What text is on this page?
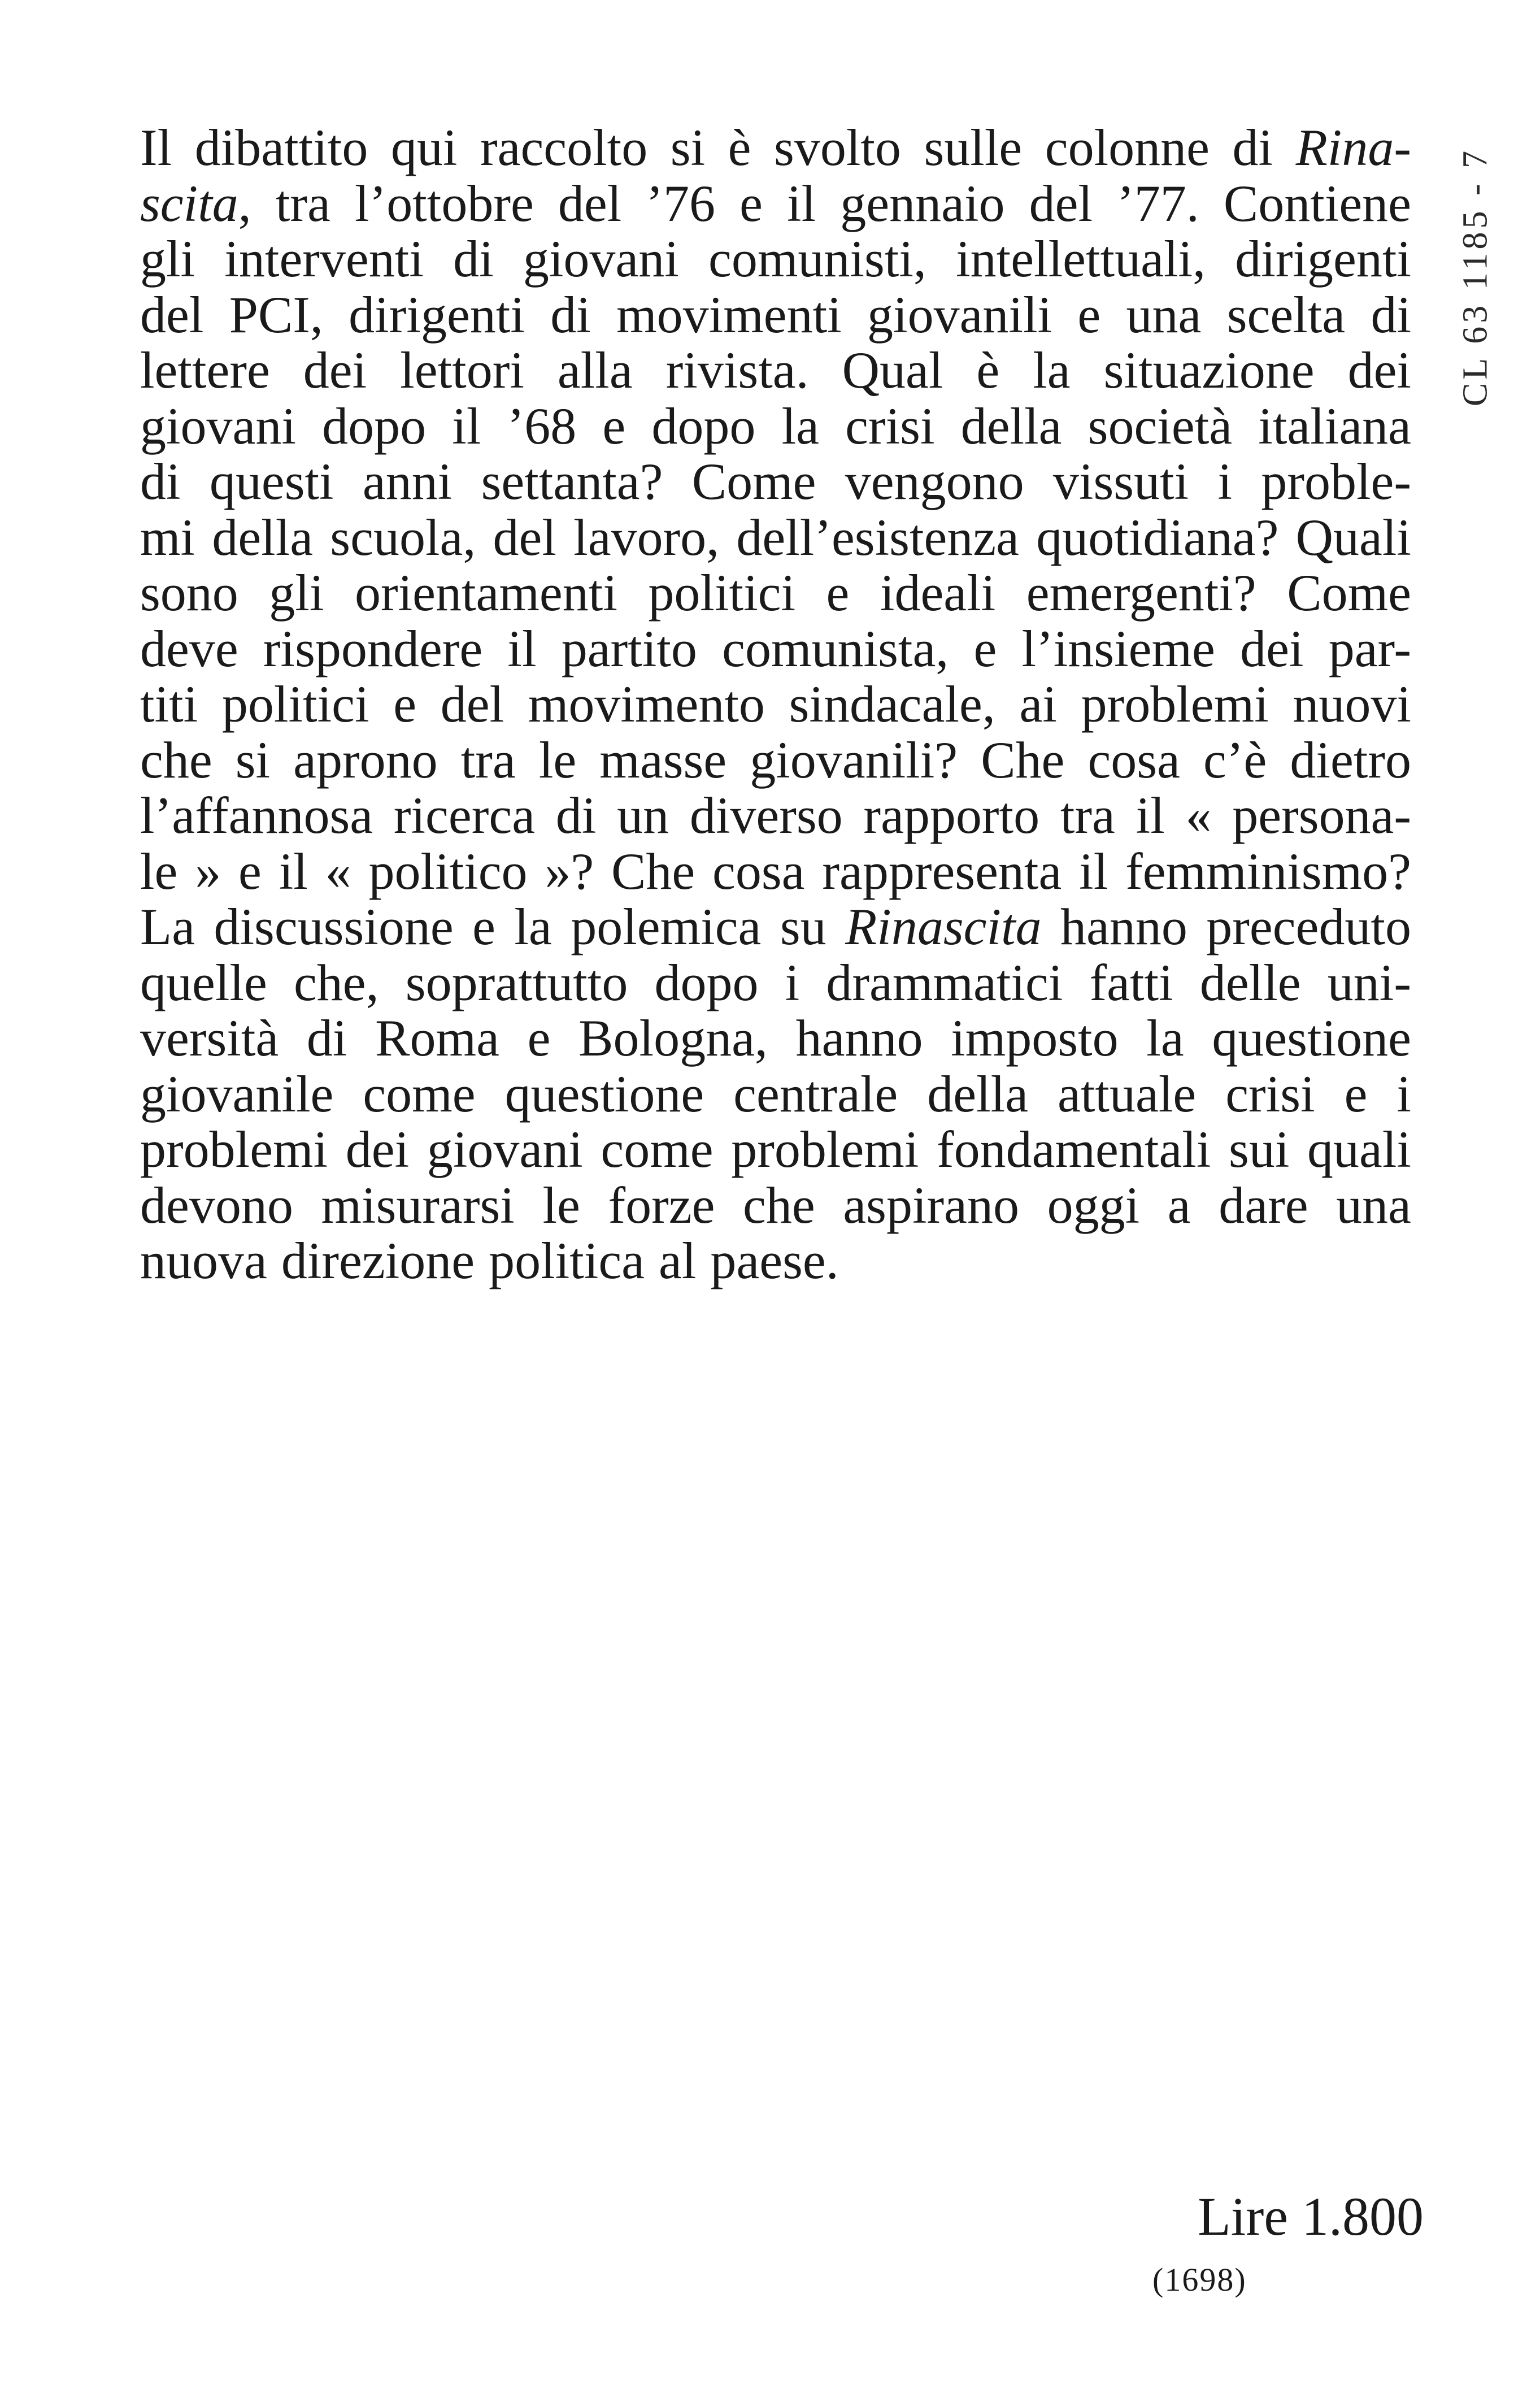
Il dibattito qui raccolto si è svolto sulle colonne di Rina-
scita, tra l’ottobre del ’76 e il gennaio del ’77. Contiene
gli interventi di giovani comunisti, intellettuali, dirigenti
del PCI, dirigenti di movimenti giovanili e una scelta di
lettere dei lettori alla rivista. Qual è la situazione dei
giovani dopo il ’68 e dopo la crisi della società italiana
di questi anni settanta? Come vengono vissuti i proble-
mi della scuola, del lavoro, dell’esistenza quotidiana? Quali
sono gli orientamenti politici e ideali emergenti? Come
deve rispondere il partito comunista, e l’insieme dei par-
titi politici e del movimento sindacale, ai problemi nuovi
che si aprono tra le masse giovanili? Che cosa c’è dietro
l’affannosa ricerca di un diverso rapporto tra il « persona-
le » e il « politico »? Che cosa rappresenta il femminismo?
La discussione e la polemica su Rinascita hanno preceduto
quelle che, soprattutto dopo i drammatici fatti delle uni-
versità di Roma e Bologna, hanno imposto la questione
giovanile come questione centrale della attuale crisi e i
problemi dei giovani come problemi fondamentali sui quali
devono misurarsi le forze che aspirano oggi a dare una
nuova direzione politica al paese.
CL 63 1185 - 7
Lire 1.800
(1698)
